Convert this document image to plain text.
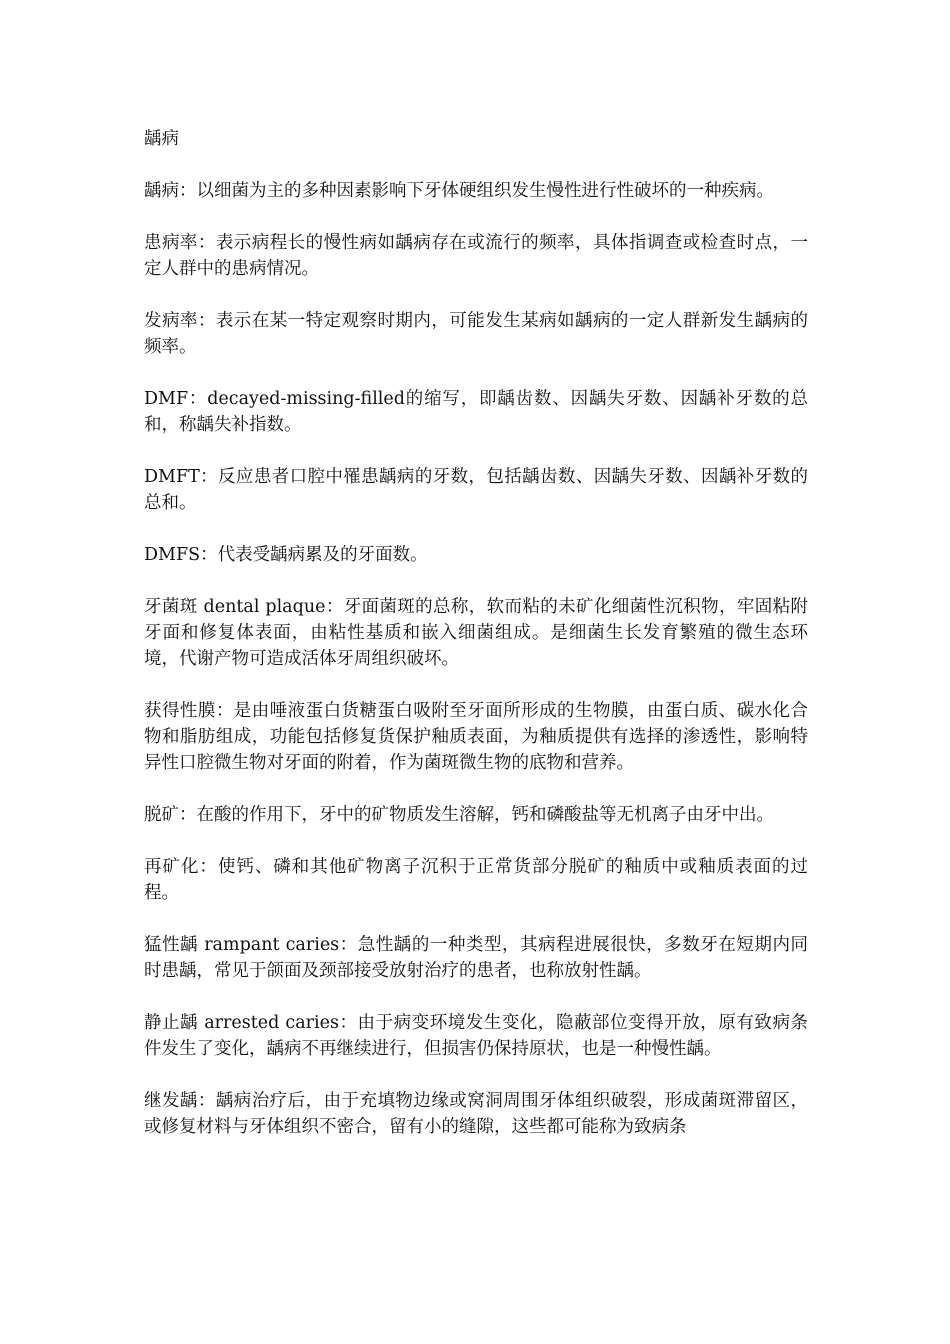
龋病
龋病：以细菌为主的多种因素影响下牙体硬组织发生慢性进行性破坏的一种疾病。
患病率：表示病程长的慢性病如龋病存在或流行的频率，具体指调查或检查时点，一定人群中的患病情况。
发病率：表示在某一特定观察时期内，可能发生某病如龋病的一定人群新发生龋病的频率。
DMF：decayed-missing-filled的缩写，即龋齿数、因龋失牙数、因龋补牙数的总和，称龋失补指数。
DMFT：反应患者口腔中罹患龋病的牙数，包括龋齿数、因龋失牙数、因龋补牙数的总和。
DMFS：代表受龋病累及的牙面数。
牙菌斑 dental plaque：牙面菌斑的总称，软而粘的未矿化细菌性沉积物，牢固粘附牙面和修复体表面，由粘性基质和嵌入细菌组成。是细菌生长发育繁殖的微生态环境，代谢产物可造成活体牙周组织破坏。
获得性膜：是由唾液蛋白货糖蛋白吸附至牙面所形成的生物膜，由蛋白质、碳水化合物和脂肪组成，功能包括修复货保护釉质表面，为釉质提供有选择的渗透性，影响特异性口腔微生物对牙面的附着，作为菌斑微生物的底物和营养。
脱矿：在酸的作用下，牙中的矿物质发生溶解，钙和磷酸盐等无机离子由牙中出。
再矿化：使钙、磷和其他矿物离子沉积于正常货部分脱矿的釉质中或釉质表面的过程。
猛性龋 rampant caries：急性龋的一种类型，其病程进展很快，多数牙在短期内同时患龋，常见于颌面及颈部接受放射治疗的患者，也称放射性龋。
静止龋 arrested caries：由于病变环境发生变化，隐蔽部位变得开放，原有致病条件发生了变化，龋病不再继续进行，但损害仍保持原状，也是一种慢性龋。
继发龋：龋病治疗后，由于充填物边缘或窝洞周围牙体组织破裂，形成菌斑滞留区，或修复材料与牙体组织不密合，留有小的缝隙，这些都可能称为致病条
